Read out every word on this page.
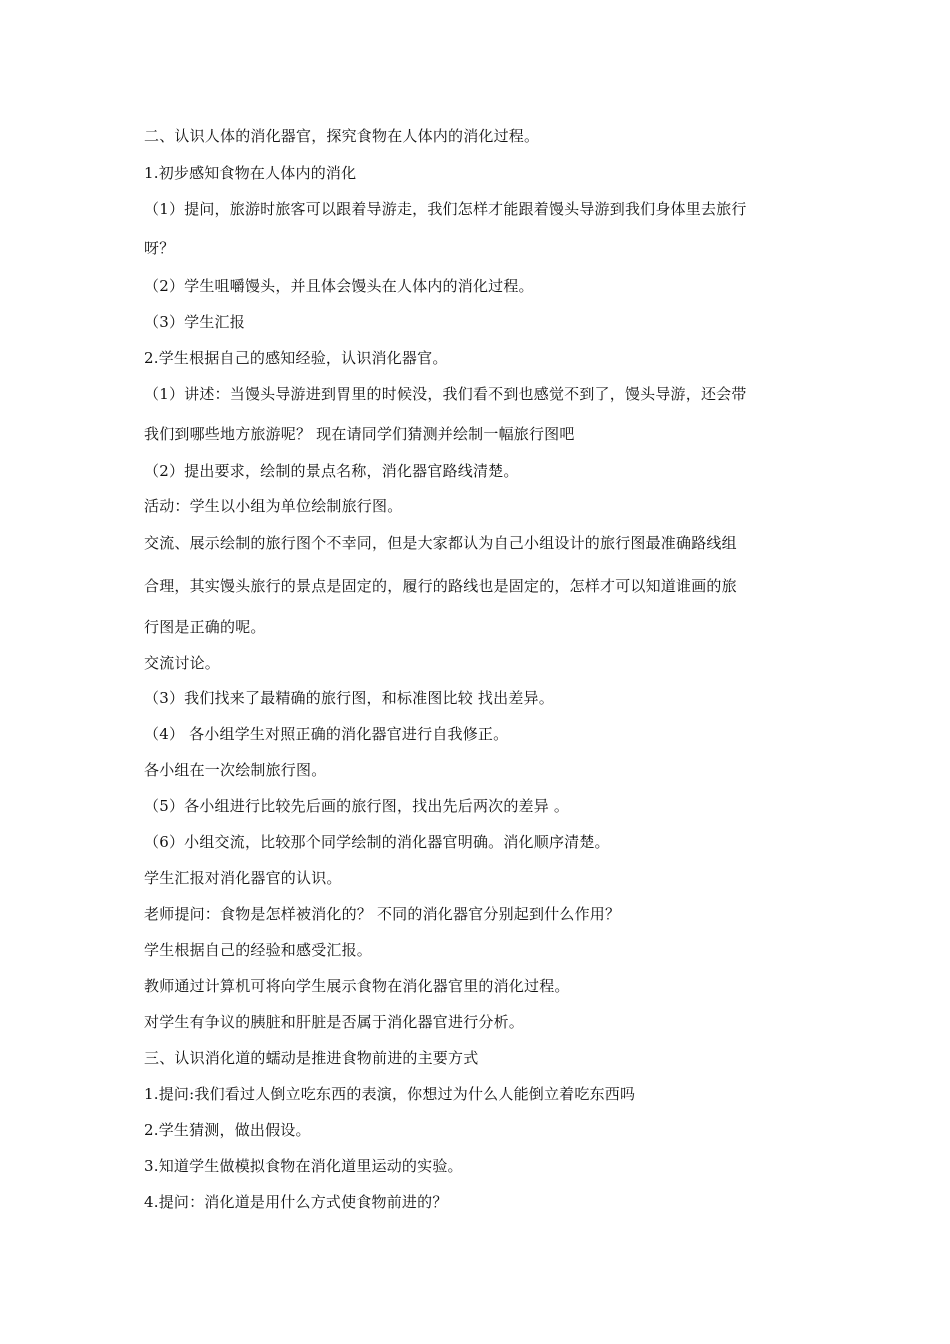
二、认识人体的消化器官，探究食物在人体内的消化过程。
1.初步感知食物在人体内的消化
（1）提问，旅游时旅客可以跟着导游走，我们怎样才能跟着馒头导游到我们身体里去旅行
呀？
（2）学生咀嚼馒头，并且体会馒头在人体内的消化过程。
（3）学生汇报
2.学生根据自己的感知经验，认识消化器官。
（1）讲述：当馒头导游进到胃里的时候没，我们看不到也感觉不到了，馒头导游，还会带
我们到哪些地方旅游呢？ 现在请同学们猜测并绘制一幅旅行图吧
（2）提出要求，绘制的景点名称，消化器官路线清楚。
活动：学生以小组为单位绘制旅行图。
交流、展示绘制的旅行图个不幸同，但是大家都认为自己小组设计的旅行图最准确路线组
合理，其实馒头旅行的景点是固定的，履行的路线也是固定的，怎样才可以知道谁画的旅
行图是正确的呢。
交流讨论。
（3）我们找来了最精确的旅行图，和标准图比较 找出差异。
（4） 各小组学生对照正确的消化器官进行自我修正。
各小组在一次绘制旅行图。
（5）各小组进行比较先后画的旅行图，找出先后两次的差异 。
（6）小组交流，比较那个同学绘制的消化器官明确。消化顺序清楚。
学生汇报对消化器官的认识。
老师提问：食物是怎样被消化的？ 不同的消化器官分别起到什么作用？
学生根据自己的经验和感受汇报。
教师通过计算机可将向学生展示食物在消化器官里的消化过程。
对学生有争议的胰脏和肝脏是否属于消化器官进行分析。
三、认识消化道的蠕动是推进食物前进的主要方式
1.提问:我们看过人倒立吃东西的表演，你想过为什么人能倒立着吃东西吗
2.学生猜测，做出假设。
3.知道学生做模拟食物在消化道里运动的实验。
4.提问：消化道是用什么方式使食物前进的？
